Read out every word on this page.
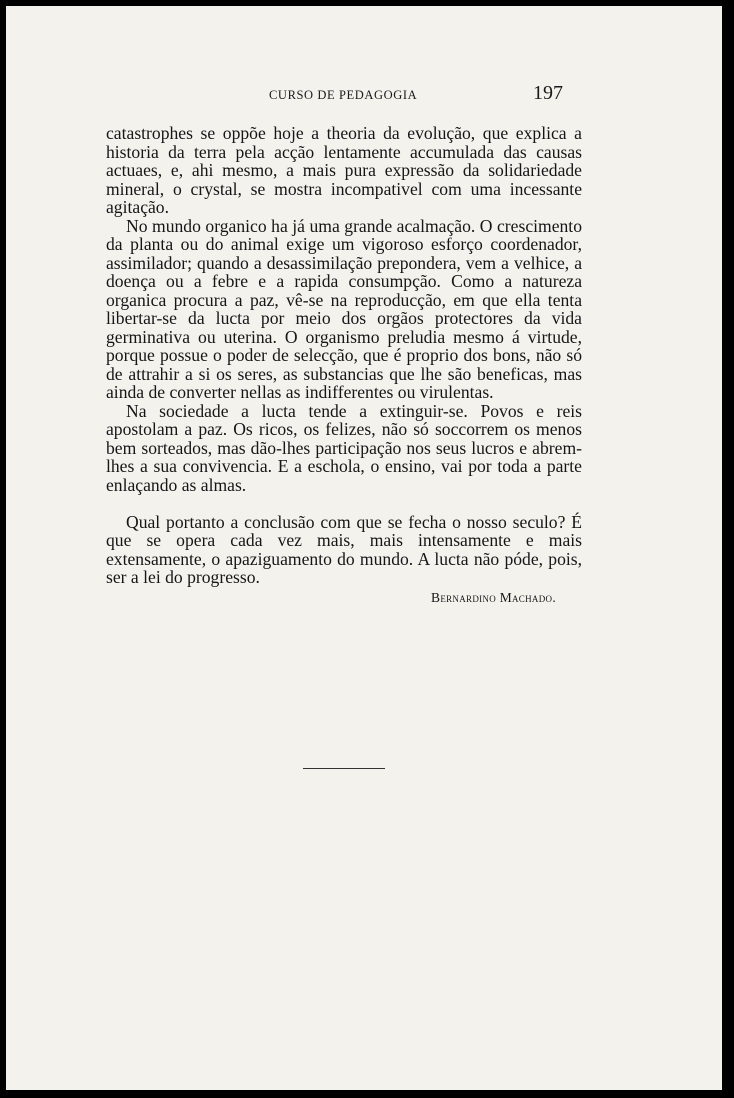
CURSO DE PEDAGOGIA	197

catastrophes se oppõe hoje a theoria da evolução, que explica a historia da terra pela acção lentamente accumulada das causas actuaes, e, ahi mesmo, a mais pura expressão da solidariedade mineral, o crystal, se mostra incompativel com uma incessante agitação.

No mundo organico ha já uma grande acalmação. O crescimento da planta ou do animal exige um vigoroso esforço coordenador, assimilador; quando a desassimilação prepondera, vem a velhice, a doença ou a febre e a rapida consumpção. Como a natureza organica procura a paz, vê-se na reproducção, em que ella tenta libertar-se da lucta por meio dos orgãos protectores da vida germinativa ou uterina. O organismo preludia mesmo á virtude, porque possue o poder de selecção, que é proprio dos bons, não só de attrahir a si os seres, as substancias que lhe são beneficas, mas ainda de converter nellas as indifferentes ou virulentas.

Na sociedade a lucta tende a extinguir-se. Povos e reis apostolam a paz. Os ricos, os felizes, não só soccorrem os menos bem sorteados, mas dão-lhes participação nos seus lucros e abrem-lhes a sua convivencia. E a eschola, o ensino, vai por toda a parte enlaçando as almas.

Qual portanto a conclusão com que se fecha o nosso seculo? É que se opera cada vez mais, mais intensamente e mais extensamente, o apaziguamento do mundo. A lucta não póde, pois, ser a lei do progresso.

Bernardino Machado.
